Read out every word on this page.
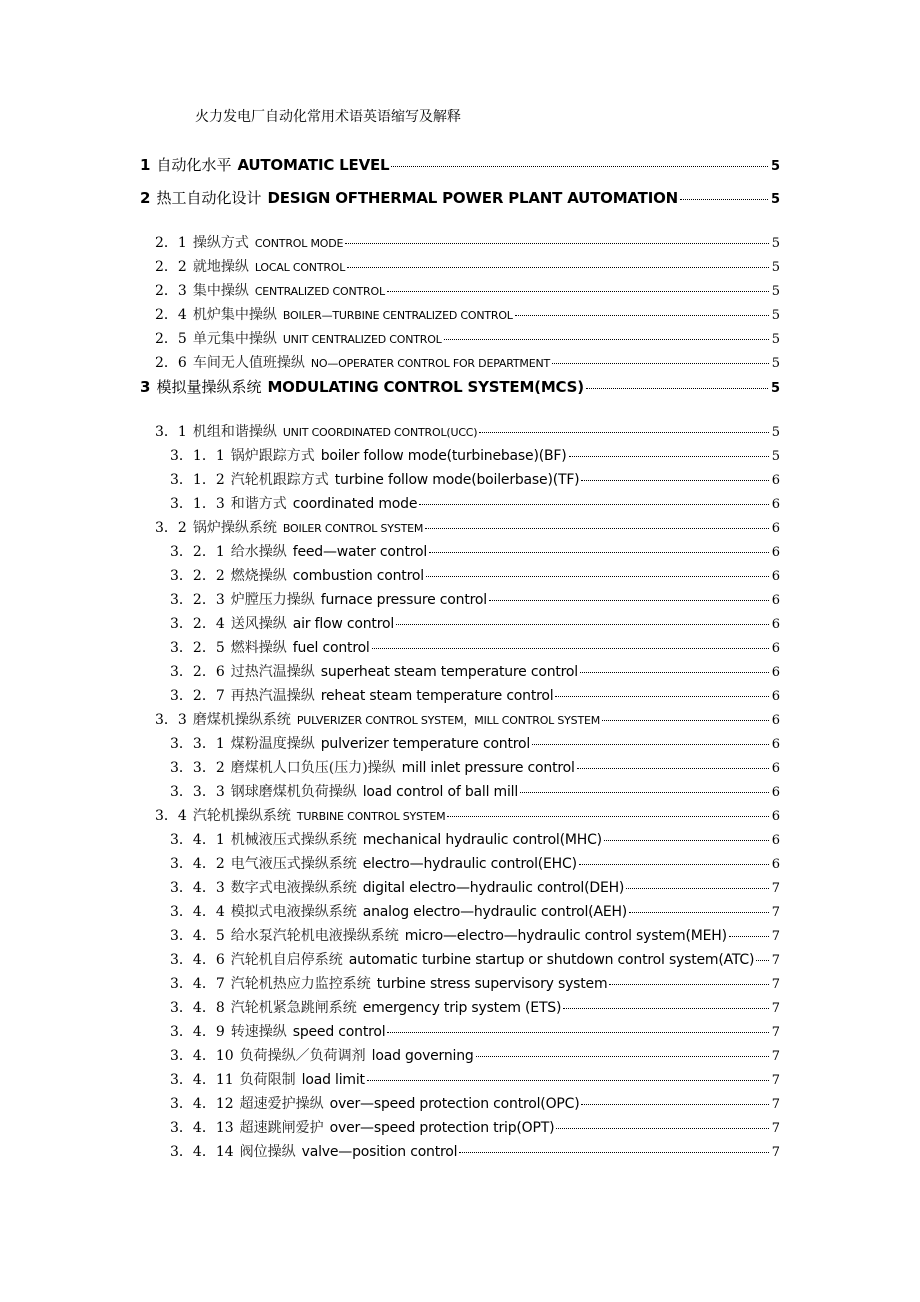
火力发电厂自动化常用术语英语缩写及解释
1 自动化水平 AUTOMATIC LEVEL	5
2 热工自动化设计 DESIGN OFTHERMAL POWER PLANT AUTOMATION	5
2．1 操纵方式 CONTROL MODE	5
2．2 就地操纵 LOCAL CONTROL	5
2．3 集中操纵 CENTRALIZED CONTROL	5
2．4 机炉集中操纵 BOILER—TURBINE CENTRALIZED CONTROL	5
2．5 单元集中操纵 UNIT CENTRALIZED CONTROL	5
2．6 车间无人值班操纵 NO—OPERATER CONTROL FOR DEPARTMENT	5
3 模拟量操纵系统 MODULATING CONTROL SYSTEM(MCS)	5
3．1 机组和谐操纵 UNIT COORDINATED CONTROL(UCC)	5
3．1．1 锅炉跟踪方式 boiler follow mode(turbinebase)(BF)	5
3．1．2 汽轮机跟踪方式 turbine follow mode(boilerbase)(TF)	6
3．1．3 和谐方式 coordinated mode	6
3．2 锅炉操纵系统 BOILER CONTROL SYSTEM	6
3．2．1 给水操纵 feed—water control	6
3．2．2 燃烧操纵 combustion control	6
3．2．3 炉膛压力操纵 furnace pressure control	6
3．2．4 送风操纵 air flow control	6
3．2．5 燃料操纵 fuel control	6
3．2．6 过热汽温操纵 superheat steam temperature control	6
3．2．7 再热汽温操纵 reheat steam temperature control	6
3．3 磨煤机操纵系统 PULVERIZER CONTROL SYSTEM，MILL CONTROL SYSTEM	6
3．3．1 煤粉温度操纵 pulverizer temperature control	6
3．3．2 磨煤机人口负压(压力)操纵 mill inlet pressure control	6
3．3．3 钢球磨煤机负荷操纵 load control of ball mill	6
3．4 汽轮机操纵系统 TURBINE CONTROL SYSTEM	6
3．4．1 机械液压式操纵系统 mechanical hydraulic control(MHC)	6
3．4．2 电气液压式操纵系统 electro—hydraulic control(EHC)	6
3．4．3 数字式电液操纵系统 digital electro—hydraulic control(DEH)	7
3．4．4 模拟式电液操纵系统 analog electro—hydraulic control(AEH)	7
3．4．5 给水泵汽轮机电液操纵系统 micro—electro—hydraulic control system(MEH)	7
3．4．6 汽轮机自启停系统 automatic turbine startup or shutdown control system(ATC) 7
3．4．7 汽轮机热应力监控系统 turbine stress supervisory system	7
3．4．8 汽轮机紧急跳闸系统 emergency trip system (ETS)	7
3．4．9 转速操纵 speed control	7
3．4．10 负荷操纵／负荷调剂 load governing	7
3．4．11 负荷限制 load limit	7
3．4．12 超速爱护操纵 over—speed protection control(OPC)	7
3．4．13 超速跳闸爱护 over—speed protection trip(OPT)	7
3．4．14 阀位操纵 valve—position control	7
